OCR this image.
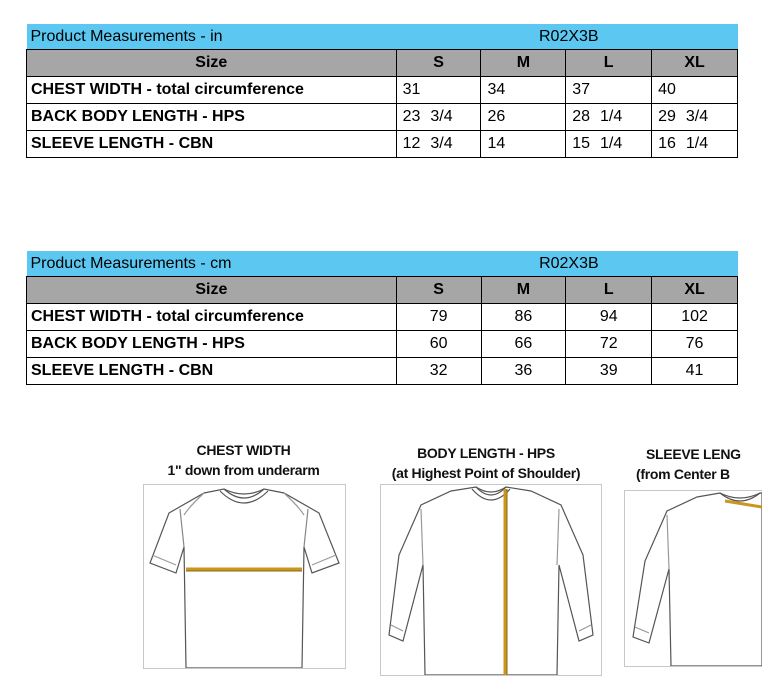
Product Measurements - in	R02X3B			
Size	S	M	L	XL
CHEST WIDTH - total circumference	31	34	37	40
BACK BODY LENGTH - HPS	23 3/4	26	28 1/4	29 3/4
SLEEVE LENGTH - CBN	12 3/4	14	15 1/4	16 1/4
Product Measurements - cm	R02X3B			
Size	S	M	L	XL
CHEST WIDTH - total circumference	79	86	94	102
BACK BODY LENGTH - HPS	60	66	72	76
SLEEVE LENGTH - CBN	32	36	39	41
CHEST WIDTH
1" down from underarm
BODY LENGTH - HPS
(at Highest Point of Shoulder)
SLEEVE LENG
(from Center B
